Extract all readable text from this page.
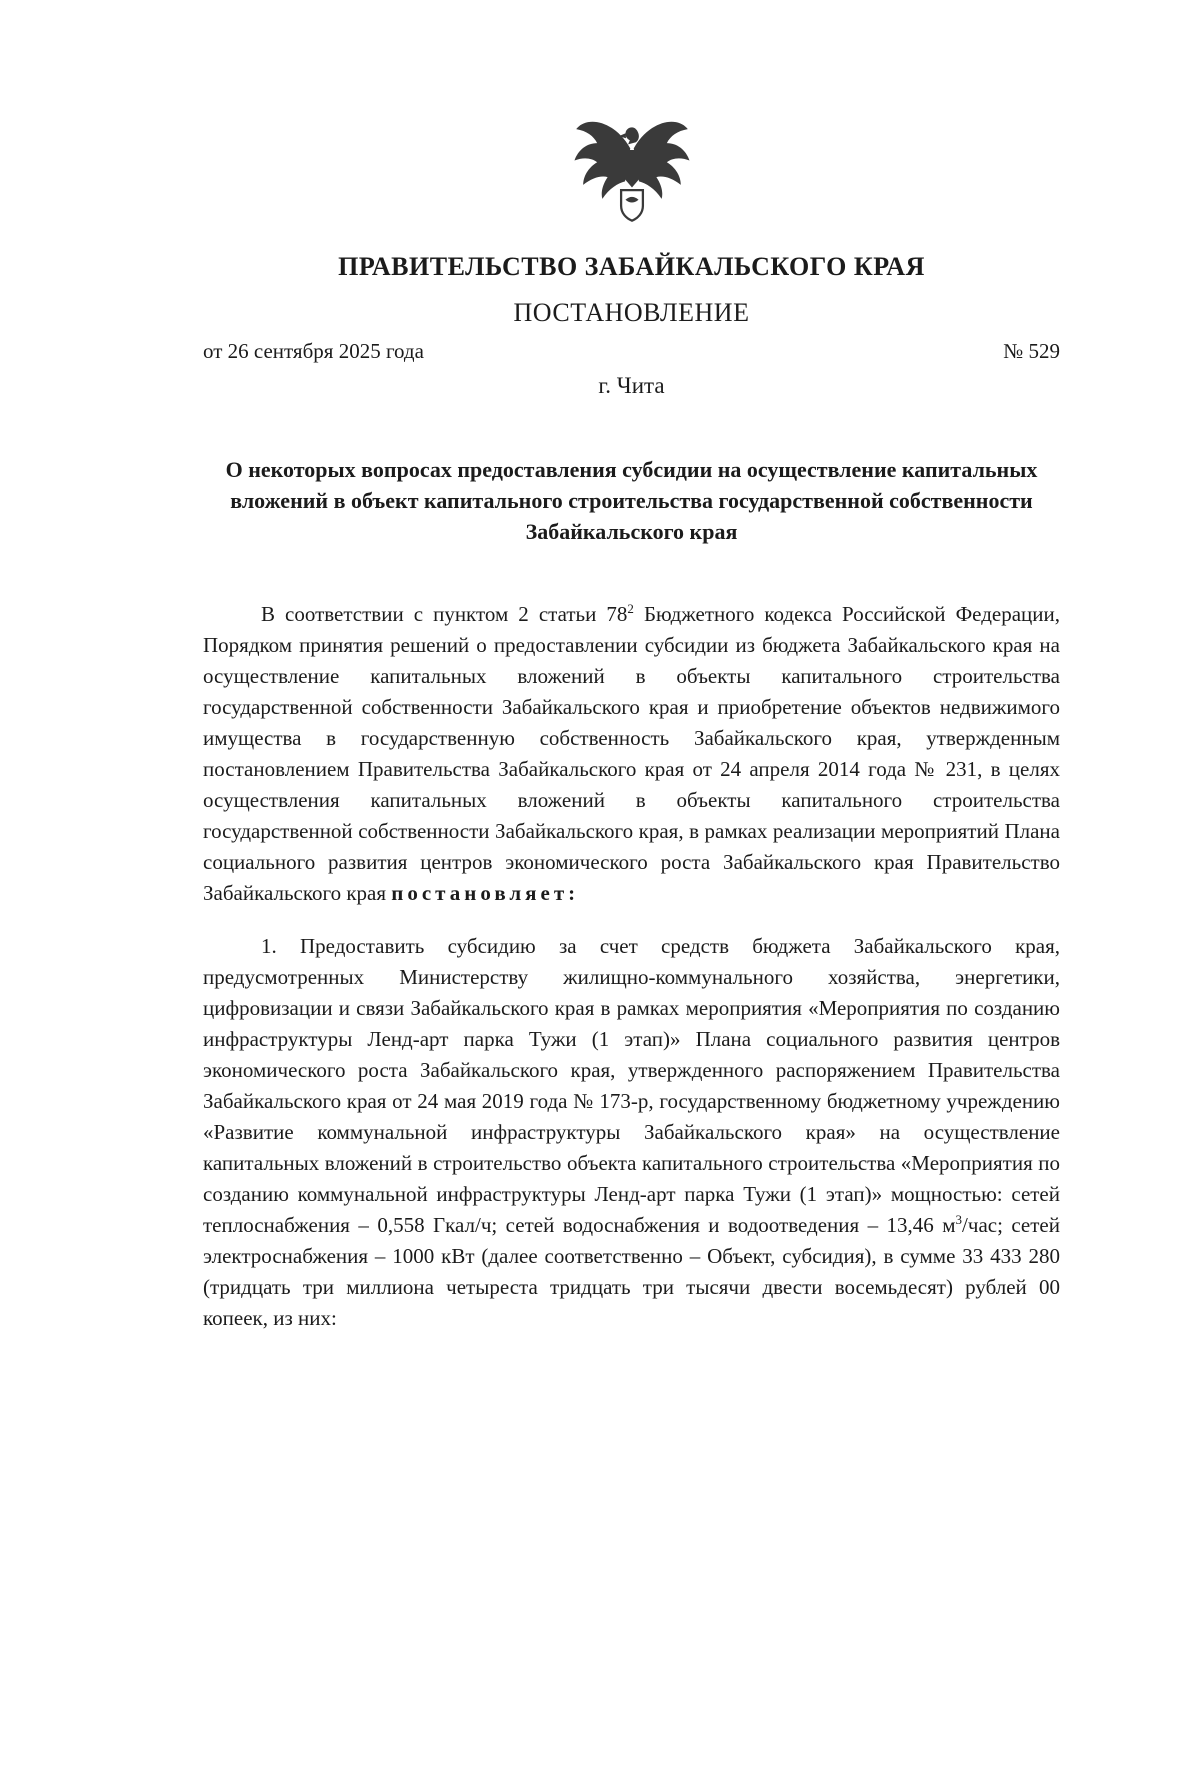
ПРАВИТЕЛЬСТВО ЗАБАЙКАЛЬСКОГО КРАЯ
ПОСТАНОВЛЕНИЕ
от 26 сентября 2025 года	№ 529
г. Чита
О некоторых вопросах предоставления субсидии на осуществление капитальных вложений в объект капитального строительства государственной собственности Забайкальского края

В соответствии с пунктом 2 статьи $78^2$ Бюджетного кодекса Российской Федерации, Порядком принятия решений о предоставлении субсидии из бюджета Забайкальского края на осуществление капитальных вложений в объекты капитального строительства государственной собственности Забайкальского края и приобретение объектов недвижимого имущества в государственную собственность Забайкальского края, утвержденным постановлением Правительства Забайкальского края от 24 апреля 2014 года № 231, в целях осуществления капитальных вложений в объекты капитального строительства государственной собственности Забайкальского края, в рамках реализации мероприятий Плана социального развития центров экономического роста Забайкальского края Правительство Забайкальского края постановляет:

1. Предоставить субсидию за счет средств бюджета Забайкальского края, предусмотренных Министерству жилищно-коммунального хозяйства, энергетики, цифровизации и связи Забайкальского края в рамках мероприятия «Мероприятия по созданию инфраструктуры Ленд-арт парка Тужи (1 этап)» Плана социального развития центров экономического роста Забайкальского края, утвержденного распоряжением Правительства Забайкальского края от 24 мая 2019 года № 173-р, государственному бюджетному учреждению «Развитие коммунальной инфраструктуры Забайкальского края» на осуществление капитальных вложений в строительство объекта капитального строительства «Мероприятия по созданию коммунальной инфраструктуры Ленд-арт парка Тужи (1 этап)» мощностью: сетей теплоснабжения – 0,558 Гкал/ч; сетей водоснабжения и водоотведения – 13,46 $м^3$/час; сетей электроснабжения – 1000 кВт (далее соответственно – Объект, субсидия), в сумме 33 433 280 (тридцать три миллиона четыреста тридцать три тысячи двести восемьдесят) рублей 00 копеек, из них:
